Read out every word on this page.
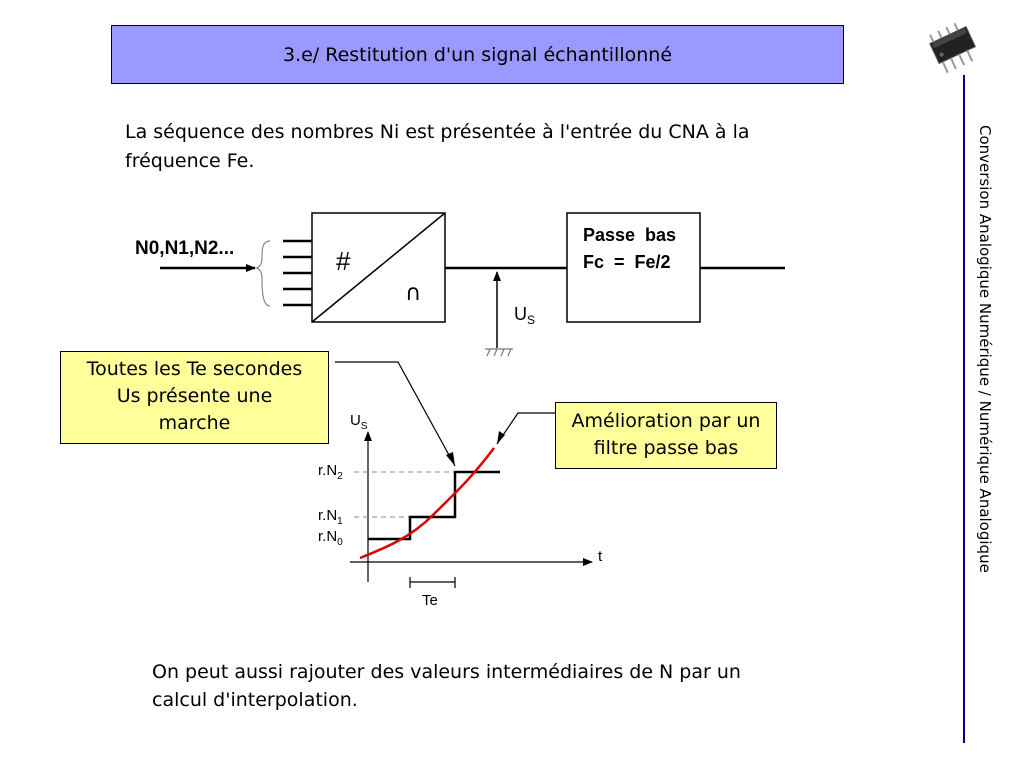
3.e/ Restitution d'un signal échantillonné
La séquence des nombres Ni est présentée à l'entrée du CNA à la fréquence Fe.	Conversion Analogique Numérique / Numérique Analogique
N0,N1,N2...	#
∩
$U_S$
Passe  bas
Fc  =  Fe/2
$U_S$
t
$r.N_2$
$r.N_1$
$r.N_0$
Te
Toutes les Te secondes
Us présente une
marche	Amélioration par un
filtre passe bas
On peut aussi rajouter des valeurs intermédiaires de N par un calcul d'interpolation.
